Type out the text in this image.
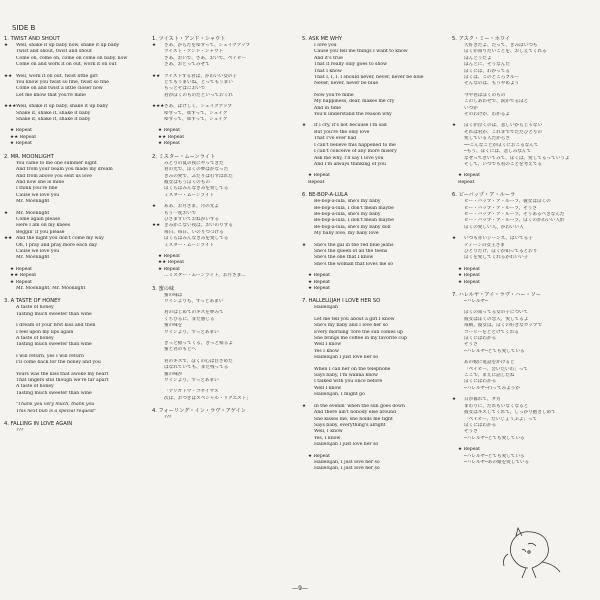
SIDE B
1. TWIST AND SHOUT
★ Well, shake it up baby now, shake it up baby
Twist and shout, twist and shout
Come on, come on, come on come on baby, now
Come on and work it on out, work it on out
★★ Well, work it on out, twist little girl
You know you twist so fine, twist so fine
Come on and twist a little closer now
Let me know that you're mine
★★★ Well, shake it up baby, shake it up baby
Shake it, shake it, shake it baby
Shake it, shake it, shake it baby
★ Repeat
★★ Repeat
★ Repeat
2. MR. MOONLIGHT
You came to me one summer night
And from your beam you made my dream
And from above you sent us love
And now she is mine
I think you're fine
Cause we love you
Mr. Moonlight
★ Mr. Moonlight
Come again please
Here I am on my knees
Beggin' if you please
★★ And the night you don't come my way
Oh, I pray and pray more each day
Cause we love you
Mr. Moonlight
★ Repeat
★★ Repeat
★ Repeat
Mr. Moonlight, Mr. Moonlight
3. A TASTE OF HONEY
A taste of honey
Tasting much sweeter than wine
I dream of your first kiss and then
I feel upon my lips again
A taste of honey
Tasting much sweeter than wine
I will return, yes I will return
I'll come back for the honey and you
Yours was the kiss that awoke my heart
That lingers still though we're far apart
A taste of honey
Tasting much sweeter than wine
"Thank you very much, thank you
This next bun is a special request"
4. FALLING IN LOVE AGAIN
???
1. ツイスト・アンド・シャウト
★ さあ、からだをゆすって、シェイクアップ
ツイスト・アンド・シャウト
さあ、おいで、さあ、おいで、ベイビー
さあ、おどってみせて
★★ ツイストする君は、かわいい女の子
とてもうまいね、とってもうまい
もっとそばにおいで
君がぼくのものだといっておくれ
★★★ さあ、はげしく、シェイクアップ
ゆすって、ゆすって、シェイク
ゆすって、ゆすって、シェイク
★ Repeat
★★ Repeat
★ Repeat
2. ミスター・ムーンライト
みどりの夏の夜にやってきた
君の光で、ぼくの夢はかなった
きみの愛で、ふたりはむすばれた
彼女はもうぼくのもの
ぼくらはみんなきみを愛してる
ミスター・ムーンライト
★ ああ、お月さま、月の光よ
もう一度おいで
ひざまずいておねがいする
★★ きみがこない夜は、おいのりする
毎日、毎日、いのりつづける
ぼくらはみんなきみを愛してる
ミスター・ムーンライト
★ Repeat
★★ Repeat
★ Repeat
…ミスター・ムーンライト、お月さま…
3. 蜜の味
蜜の味は
ワインよりも、ずっとあまい
君のはじめてのキスを夢みて
くちびるに、また感じる
蜜の味を
ワインより、ずっとあまい
きっと帰ってくる、きっと帰るよ
蜜と君のもとへ
君のキスで、ぼくの心は目ざめた
はなれていても、まだ残ってる
蜜の味が
ワインより、ずっとあまい
「アリガトウ・ゴザイマス
次は、おつぎはスペシャル・リクエスト」
4. フォーリング・イン・ラヴ・アゲイン
???
5. ASK ME WHY
I love you
Cause you tell me things I want to know
And it's true
That it really only goes to show
That I know
That I, I, I, I should never, never, never be blue
Never, never, never be blue
Now you're mine
My happiness, dear, makes me cry
And in time
You'll understand the reason why
★ If I cry, it's not because I'm sad
But you're the only love
That I've ever had
I can't believe this happened to me
I can't conceive of any more misery
Ask me why, I'll say I love you
And I'm always thinking of you
★ Repeat
Repeat
6. BE-BOP-A-LULA
Be-bop-a-lula, she's my baby
Be-bop-a-lula, I don't mean maybe
Be-bop-a-lula, she's my baby
Be-bop-a-lula, I don't mean maybe
Be-bop-a-lula, she's my baby doll
My baby love, my baby love
★ She's the gal in the red blue jeans
She's the queen of all the teens
She's the one that I know
She's the woman that loves me so
★ Repeat
★ Repeat
★ Repeat
7. HALLELUJAH I LOVE HER SO
Hallelujah
Let me tell you about a girl I know
She's my baby and I love her so
Every morning 'fore the sun comes up
She brings me coffee in my favorite cup
Well I know
Yes I know
Hallelujah I just love her so
When I call her on the telephone
Says baby, I'm wanna know
I talked with you once before
Well I know
Hallelujah, I might go
★ In the evenin' when the sun goes down
And there ain't nobody else around
She kisses me, she holds me tight
Says baby, everything's alright
Well, I know
Yes, I know
Hallelujah I just love her so
★ Repeat
Hallelujah, I just love her so
Hallelujah, I just love her so
5. アスク・ミー・ホワイ
大好きだよ、だって、きみはいつも
ぼくが知りたいことを、おしえてくれる
ほんとうだよ
ほんとに、そうなんだ
ぼくには、わかってる
ぼくは、このところブルー
そんなのは、もうやめよう
今や君はぼくのもの
このしあわせで、涙がでるほど
いつか
そのわけが、わかるよ
★ ぼくが泣くのは、悲しいからじゃない
それは君が、これまででただひとりの
愛している人だからさ
──こんなことがぼくにおこるなんて
─もう、ぼくには、悲しみなんて
なぜってきいてみて、ぼくは、愛してるっていうよ
そして、いつでも君のことを考えてる
★ Repeat
Repeat
6. ビーバップ・ア・ルーラ
ビー・バップ・ア・ルーラ、彼女はぼくの
ビー・バップ・ア・ルーラ、そうさ
ビー・バップ・ア・ルーラ、そうあるべきなんだ
ビー・バップ・ア・ルーラ、ぼくのかわいい人形
ぼくの愛しい人、かわいい人
★ いつも赤いジーンズ、はいてる子
ティーンの女王さま
ひとりだけ、ぼくが知ってるとおり
ぼくを愛してくれるかわいい子
★ Repeat
★ Repeat
★ Repeat
7. ハレルヤ・アイ・ラヴ・ハー・ソー
─ハレルヤ─
ぼくの知ってる女の子について
彼女はぼくの恋人、愛してるよ
毎朝、彼女は、ぼくの好きなカップで
コーヒーをとどけてくれる
ぼくにはわかる
そうさ
─ハレルヤ─とても愛している
あの娘に電話をかけると
「ベイビー、会いたいわ」って
ここで、まえに話したね
ぼくにはわかる
─ハレルヤ─行ってみようか
★ 日が暮れて、タ方
まわりに、だれもいなくなると
彼女はキスしてくれて、しっかり抱きしめて
「ベイビー、だいじょうぶよ」って
ぼくにはわかる
そうさ
─ハレルヤ─とても愛している
★ Repeat
─ハレルヤ─とても愛している
─ハレルヤ─あの娘を愛している
—9—
